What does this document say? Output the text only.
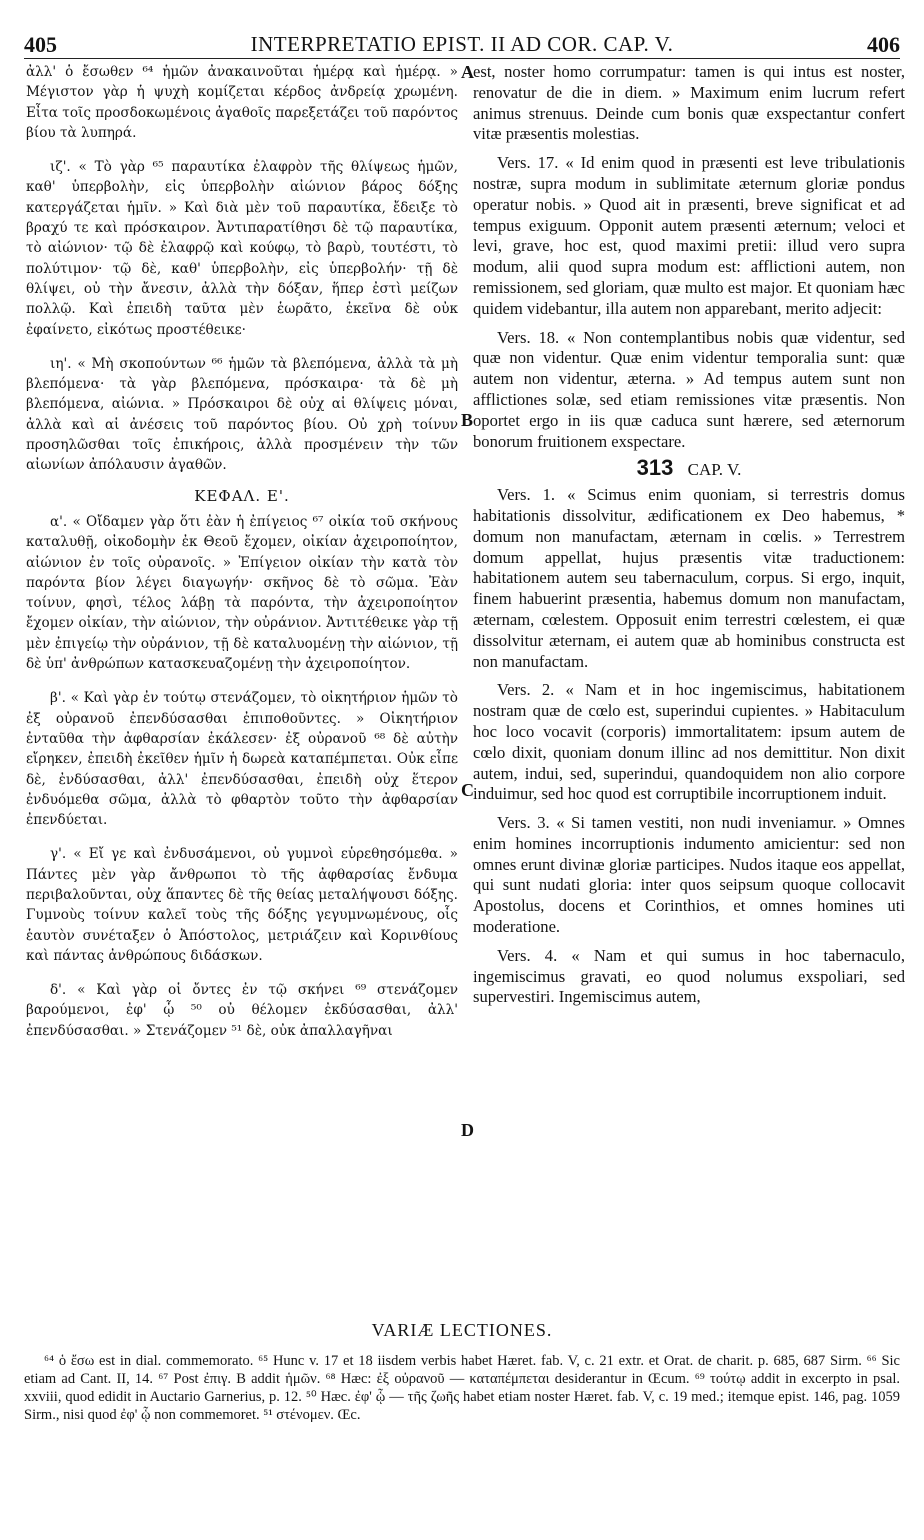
405	INTERPRETATIO EPIST. II AD COR. CAP. V.	406
A
B
C
D

ἀλλ' ὁ ἔσωθεν ⁶⁴ ἡμῶν ἀνακαινοῦται ἡμέρᾳ καὶ ἡμέρᾳ. » Μέγιστον γὰρ ἡ ψυχὴ κομίζεται κέρδος ἀνδρείᾳ χρωμένη. Εἶτα τοῖς προσδοκωμένοις ἀγαθοῖς παρεξετάζει τοῦ παρόντος βίου τὰ λυπηρά.

ιζ'. « Τὸ γὰρ ⁶⁵ παραυτίκα ἐλαφρὸν τῆς θλίψεως ἡμῶν, καθ' ὑπερβολὴν, εἰς ὑπερβολὴν αἰώνιον βάρος δόξης κατεργάζεται ἡμῖν. » Καὶ διὰ μὲν τοῦ παραυτίκα, ἔδειξε τὸ βραχύ τε καὶ πρόσκαιρον. Ἀντιπαρατίθησι δὲ τῷ παραυτίκα, τὸ αἰώνιον· τῷ δὲ ἐλαφρῷ καὶ κούφῳ, τὸ βαρὺ, τουτέστι, τὸ πολύτιμον· τῷ δὲ, καθ' ὑπερβολὴν, εἰς ὑπερβολήν· τῇ δὲ θλίψει, οὐ τὴν ἄνεσιν, ἀλλὰ τὴν δόξαν, ἥπερ ἐστὶ μείζων πολλῷ. Καὶ ἐπειδὴ ταῦτα μὲν ἑωρᾶτο, ἐκεῖνα δὲ οὐκ ἐφαίνετο, εἰκότως προστέθεικε·

ιη'. « Μὴ σκοπούντων ⁶⁶ ἡμῶν τὰ βλεπόμενα, ἀλλὰ τὰ μὴ βλεπόμενα· τὰ γὰρ βλεπόμενα, πρόσκαιρα· τὰ δὲ μὴ βλεπόμενα, αἰώνια. » Πρόσκαιροι δὲ οὐχ αἱ θλίψεις μόναι, ἀλλὰ καὶ αἱ ἀνέσεις τοῦ παρόντος βίου. Οὐ χρὴ τοίνυν προσηλῶσθαι τοῖς ἐπικήροις, ἀλλὰ προσμένειν τὴν τῶν αἰωνίων ἀπόλαυσιν ἀγαθῶν.

ΚΕΦΑΛ. Ε'.

α'. « Οἴδαμεν γὰρ ὅτι ἐὰν ἡ ἐπίγειος ⁶⁷ οἰκία τοῦ σκήνους καταλυθῇ, οἰκοδομὴν ἐκ Θεοῦ ἔχομεν, οἰκίαν ἀχειροποίητον, αἰώνιον ἐν τοῖς οὐρανοῖς. » Ἐπίγειον οἰκίαν τὴν κατὰ τὸν παρόντα βίον λέγει διαγωγήν· σκῆνος δὲ τὸ σῶμα. Ἐὰν τοίνυν, φησὶ, τέλος λάβῃ τὰ παρόντα, τὴν ἀχειροποίητον ἔχομεν οἰκίαν, τὴν αἰώνιον, τὴν οὐράνιον. Ἀντιτέθεικε γὰρ τῇ μὲν ἐπιγείῳ τὴν οὐράνιον, τῇ δὲ καταλυομένῃ τὴν αἰώνιον, τῇ δὲ ὑπ' ἀνθρώπων κατασκευαζομένῃ τὴν ἀχειροποίητον.

β'. « Καὶ γὰρ ἐν τούτῳ στενάζομεν, τὸ οἰκητήριον ἡμῶν τὸ ἐξ οὐρανοῦ ἐπενδύσασθαι ἐπιποθοῦντες. » Οἰκητήριον ἐνταῦθα τὴν ἀφθαρσίαν ἐκάλεσεν· ἐξ οὐρανοῦ ⁶⁸ δὲ αὐτὴν εἴρηκεν, ἐπειδὴ ἐκεῖθεν ἡμῖν ἡ δωρεὰ καταπέμπεται. Οὐκ εἶπε δὲ, ἐνδύσασθαι, ἀλλ' ἐπενδύσασθαι, ἐπειδὴ οὐχ ἕτερον ἐνδυόμεθα σῶμα, ἀλλὰ τὸ φθαρτὸν τοῦτο τὴν ἀφθαρσίαν ἐπενδύεται.

γ'. « Εἴ γε καὶ ἐνδυσάμενοι, οὐ γυμνοὶ εὑρεθησόμεθα. » Πάντες μὲν γὰρ ἄνθρωποι τὸ τῆς ἀφθαρσίας ἔνδυμα περιβαλοῦνται, οὐχ ἅπαντες δὲ τῆς θείας μεταλήψουσι δόξης. Γυμνοὺς τοίνυν καλεῖ τοὺς τῆς δόξης γεγυμνωμένους, οἷς ἑαυτὸν συνέταξεν ὁ Ἀπόστολος, μετριάζειν καὶ Κορινθίους καὶ πάντας ἀνθρώπους διδάσκων.

δ'. « Καὶ γὰρ οἱ ὄντες ἐν τῷ σκήνει ⁶⁹ στενάζομεν βαρούμενοι, ἐφ' ᾧ ⁵⁰ οὐ θέλομεν ἐκδύσασθαι, ἀλλ' ἐπενδύσασθαι. » Στενάζομεν ⁵¹ δὲ, οὐκ ἀπαλλαγῆναι

est, noster homo corrumpatur: tamen is qui intus est noster, renovatur de die in diem. » Maximum enim lucrum refert animus strenuus. Deinde cum bonis quæ exspectantur confert vitæ præsentis molestias.

Vers. 17. « Id enim quod in præsenti est leve tribulationis nostræ, supra modum in sublimitate æternum gloriæ pondus operatur nobis. » Quod ait in præsenti, breve significat et ad tempus exiguum. Opponit autem præsenti æternum; veloci et levi, grave, hoc est, quod maximi pretii: illud vero supra modum, alii quod supra modum est: afflictioni autem, non remissionem, sed gloriam, quæ multo est major. Et quoniam hæc quidem videbantur, illa autem non apparebant, merito adjecit:

Vers. 18. « Non contemplantibus nobis quæ videntur, sed quæ non videntur. Quæ enim videntur temporalia sunt: quæ autem non videntur, æterna. » Ad tempus autem sunt non afflictiones solæ, sed etiam remissiones vitæ præsentis. Non oportet ergo in iis quæ caduca sunt hærere, sed æternorum bonorum fruitionem exspectare.

313 CAP. V.

Vers. 1. « Scimus enim quoniam, si terrestris domus habitationis dissolvitur, ædificationem ex Deo habemus, * domum non manufactam, æternam in cœlis. » Terrestrem domum appellat, hujus præsentis vitæ traductionem: habitationem autem seu tabernaculum, corpus. Si ergo, inquit, finem habuerint præsentia, habemus domum non manufactam, æternam, cœlestem. Opposuit enim terrestri cœlestem, ei quæ dissolvitur æternam, ei autem quæ ab hominibus constructa est non manufactam.

Vers. 2. « Nam et in hoc ingemiscimus, habitationem nostram quæ de cœlo est, superindui cupientes. » Habitaculum hoc loco vocavit (corporis) immortalitatem: ipsum autem de cœlo dixit, quoniam donum illinc ad nos demittitur. Non dixit autem, indui, sed, superindui, quandoquidem non alio corpore induimur, sed hoc quod est corruptibile incorruptionem induit.

Vers. 3. « Si tamen vestiti, non nudi inveniamur. » Omnes enim homines incorruptionis indumento amicientur: sed non omnes erunt divinæ gloriæ participes. Nudos itaque eos appellat, qui sunt nudati gloria: inter quos seipsum quoque collocavit Apostolus, docens et Corinthios, et omnes homines uti moderatione.

Vers. 4. « Nam et qui sumus in hoc tabernaculo, ingemiscimus gravati, eo quod nolumus exspoliari, sed supervestiri. Ingemiscimus autem,

VARIÆ LECTIONES.

⁶⁴ ὁ ἔσω est in dial. commemorato. ⁶⁵ Hunc v. 17 et 18 iisdem verbis habet Hæret. fab. V, c. 21 extr. et Orat. de charit. p. 685, 687 Sirm. ⁶⁶ Sic etiam ad Cant. II, 14. ⁶⁷ Post ἐπιγ. B addit ἡμῶν. ⁶⁸ Hæc: ἐξ οὐρανοῦ — καταπέμπεται desiderantur in Œcum. ⁶⁹ τούτῳ addit in excerpto in psal. xxviii, quod edidit in Auctario Garnerius, p. 12. ⁵⁰ Hæc. ἐφ' ᾧ — τῆς ζωῆς habet etiam noster Hæret. fab. V, c. 19 med.; itemque epist. 146, pag. 1059 Sirm., nisi quod ἐφ' ᾧ non commemoret. ⁵¹ στένομεν. Œc.
